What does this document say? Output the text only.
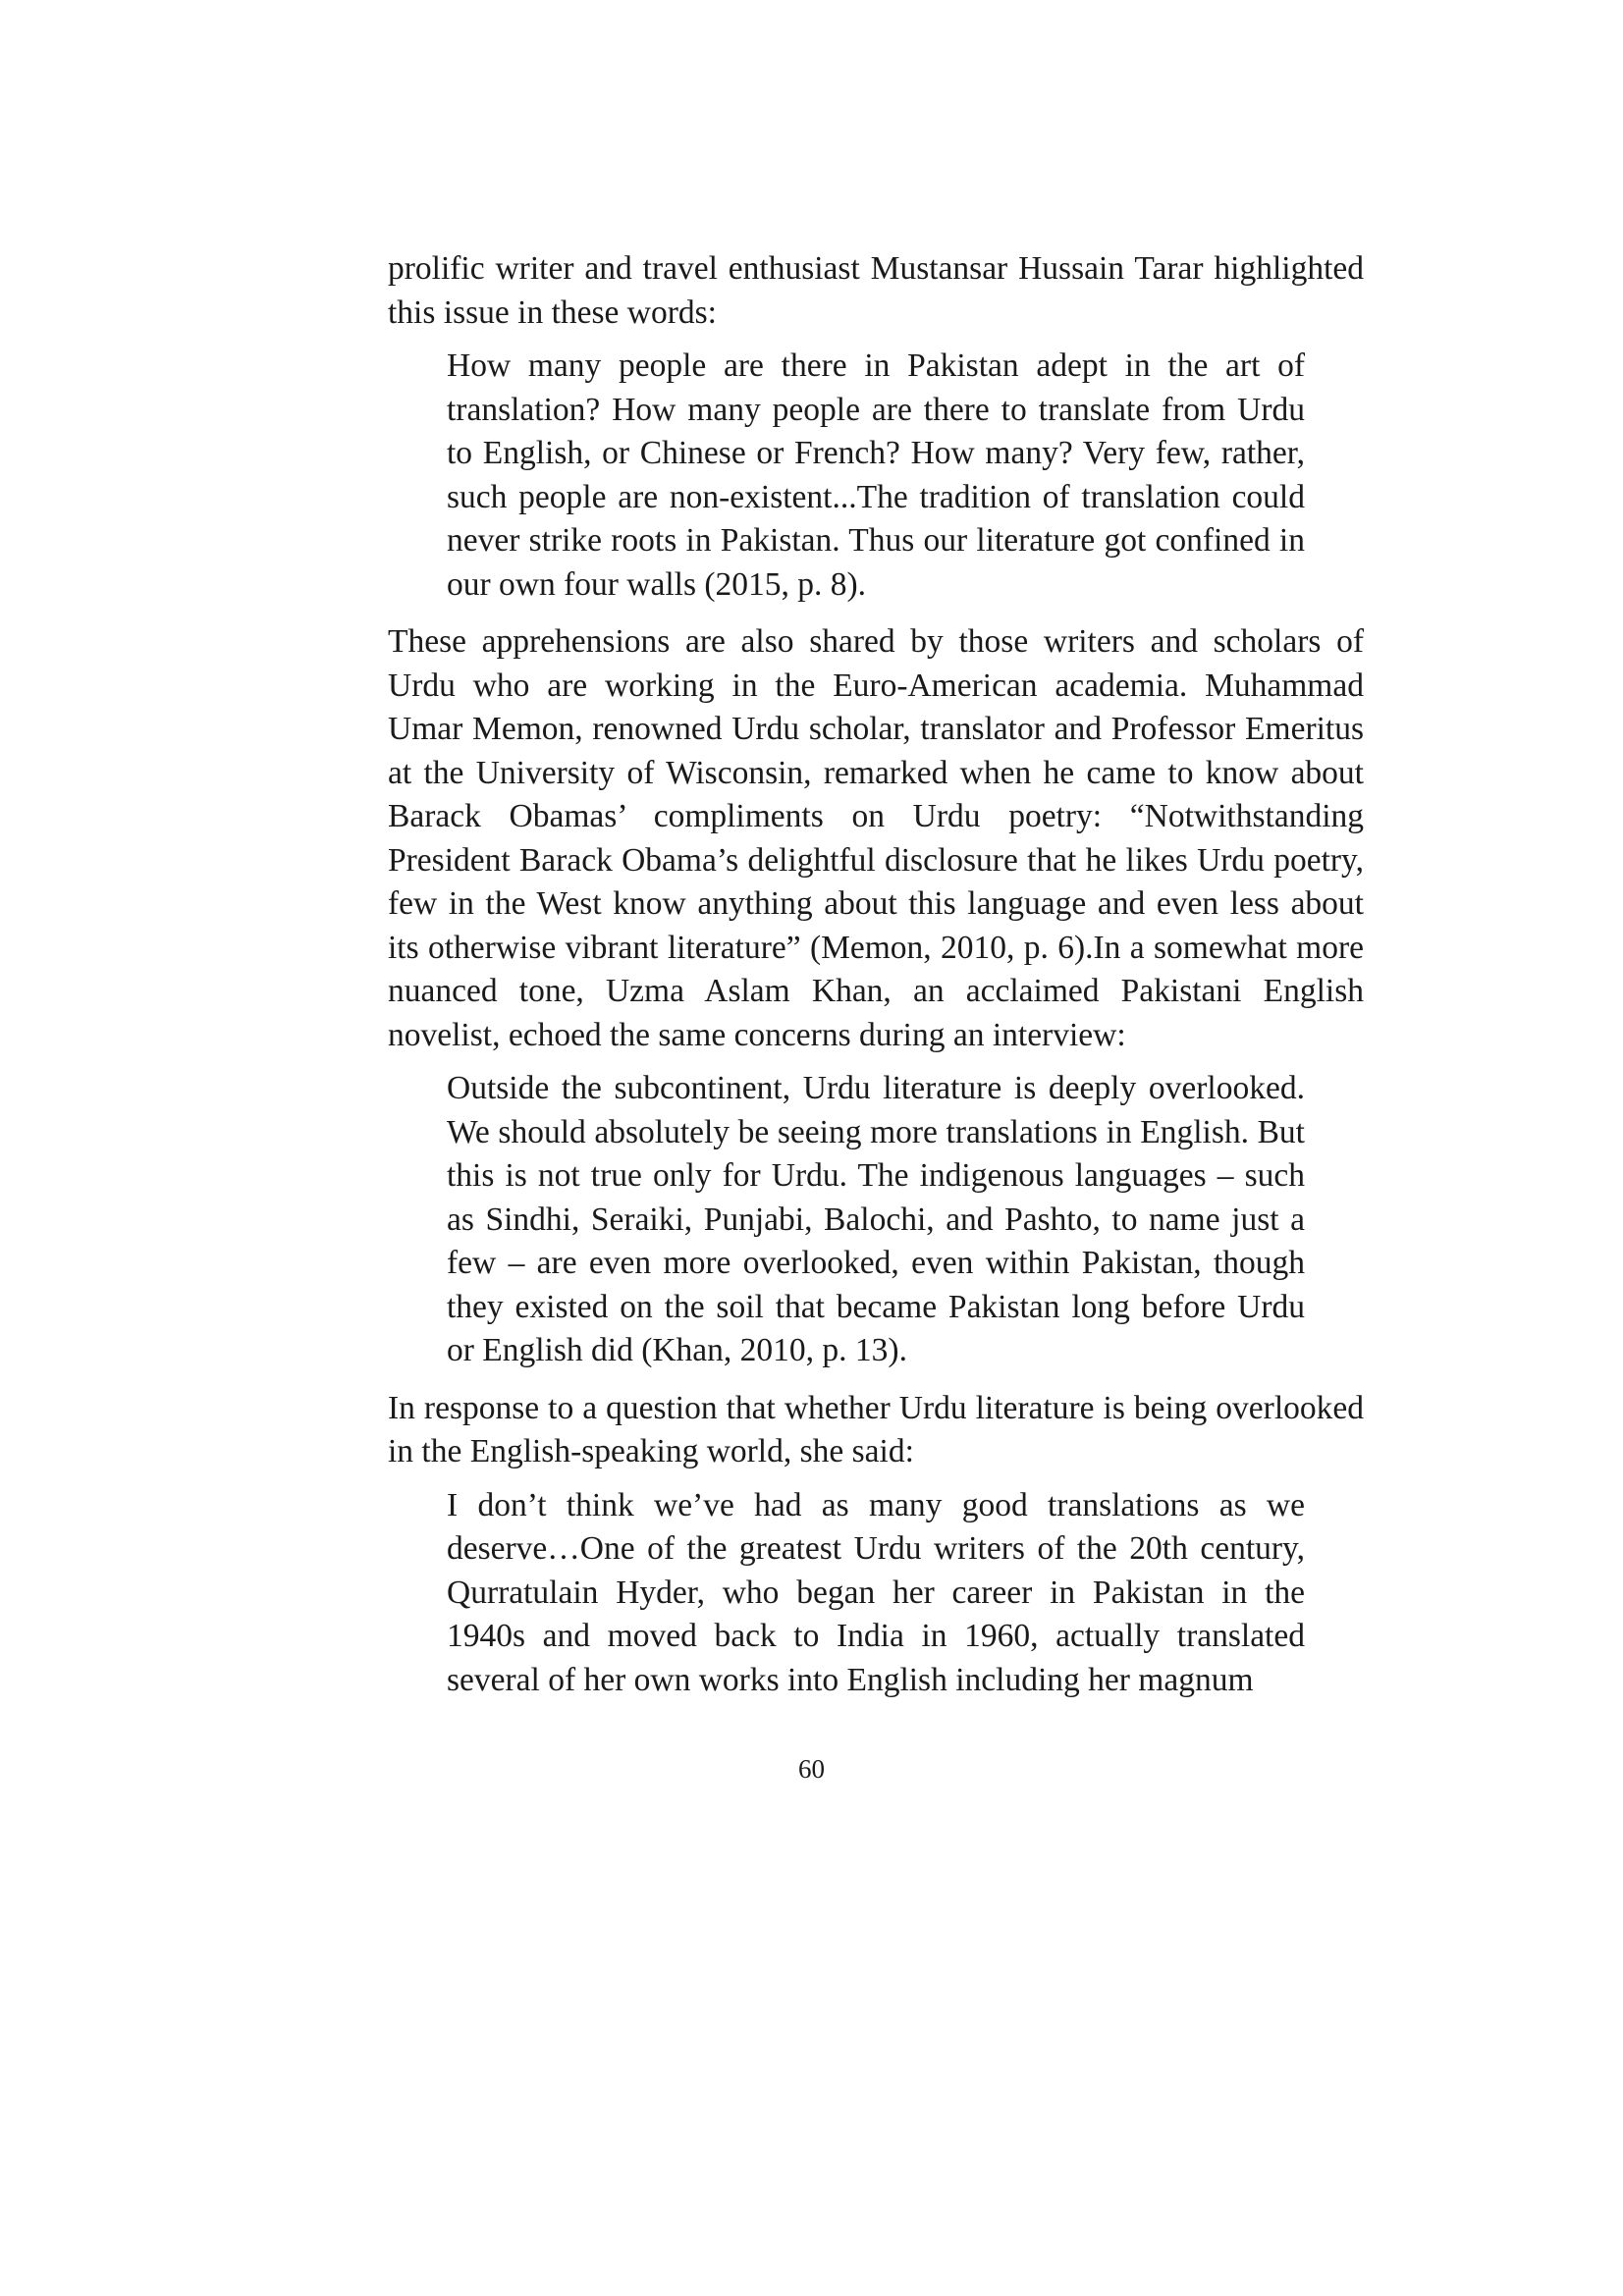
prolific writer and travel enthusiast Mustansar Hussain Tarar highlighted this issue in these words:

How many people are there in Pakistan adept in the art of translation? How many people are there to translate from Urdu to English, or Chinese or French? How many? Very few, rather, such people are non-existent...The tradition of translation could never strike roots in Pakistan. Thus our literature got confined in our own four walls (2015, p. 8).

These apprehensions are also shared by those writers and scholars of Urdu who are working in the Euro-American academia. Muhammad Umar Memon, renowned Urdu scholar, translator and Professor Emeritus at the University of Wisconsin, remarked when he came to know about Barack Obamas’ compliments on Urdu poetry: “Notwithstanding President Barack Obama’s delightful disclosure that he likes Urdu poetry, few in the West know anything about this language and even less about its otherwise vibrant literature” (Memon, 2010, p. 6).In a somewhat more nuanced tone, Uzma Aslam Khan, an acclaimed Pakistani English novelist, echoed the same concerns during an interview:

Outside the subcontinent, Urdu literature is deeply overlooked. We should absolutely be seeing more translations in English. But this is not true only for Urdu. The indigenous languages – such as Sindhi, Seraiki, Punjabi, Balochi, and Pashto, to name just a few – are even more overlooked, even within Pakistan, though they existed on the soil that became Pakistan long before Urdu or English did (Khan, 2010, p. 13).

In response to a question that whether Urdu literature is being overlooked in the English-speaking world, she said:

I don’t think we’ve had as many good translations as we deserve…One of the greatest Urdu writers of the 20th century, Qurratulain Hyder, who began her career in Pakistan in the 1940s and moved back to India in 1960, actually translated several of her own works into English including her magnum

60
